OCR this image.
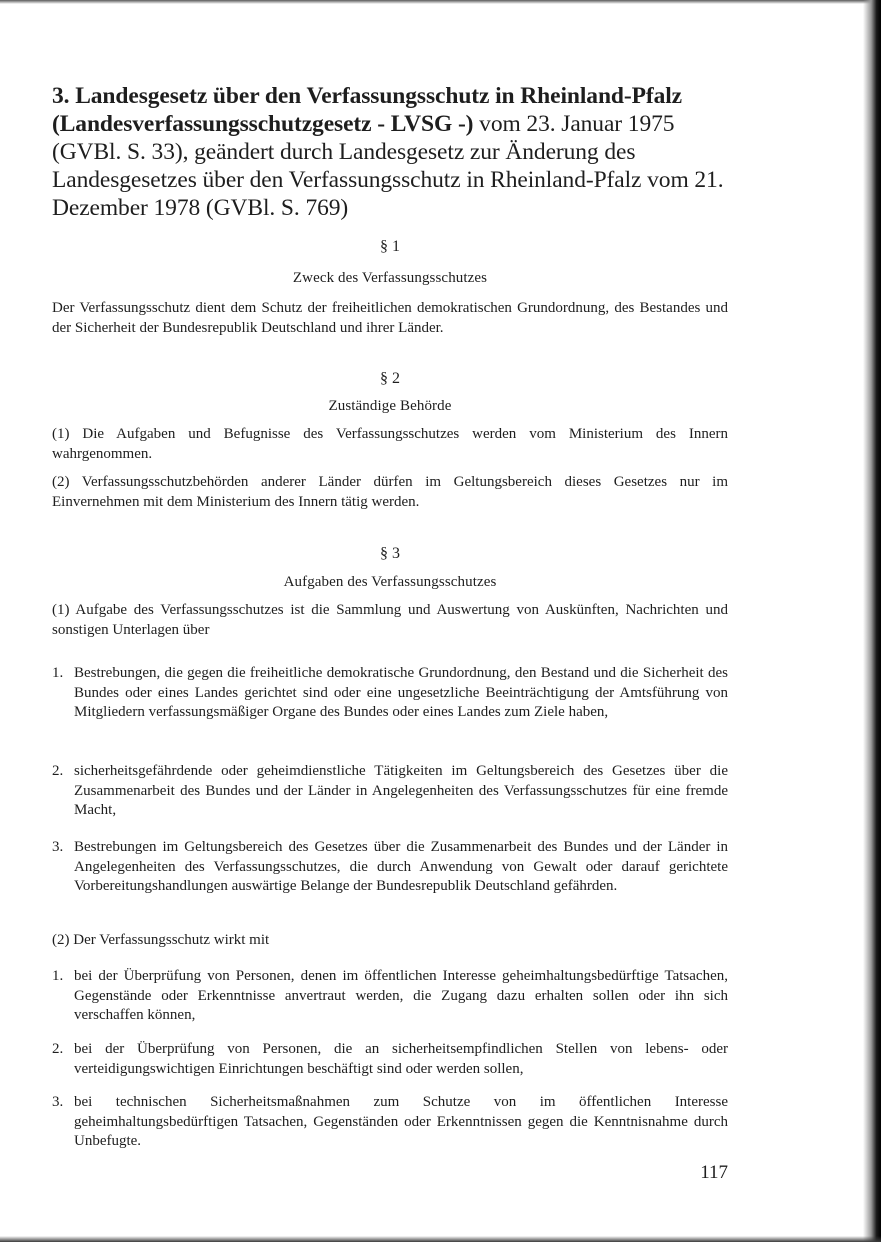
3. Landesgesetz über den Verfassungsschutz in Rheinland-Pfalz (Landesverfassungsschutzgesetz - LVSG -) vom 23. Januar 1975 (GVBl. S. 33), geändert durch Landesgesetz zur Änderung des Landesgesetzes über den Verfassungsschutz in Rheinland-Pfalz vom 21. Dezember 1978 (GVBl. S. 769)

§ 1

Zweck des Verfassungsschutzes

Der Verfassungsschutz dient dem Schutz der freiheitlichen demokratischen Grundordnung, des Bestandes und der Sicherheit der Bundesrepublik Deutschland und ihrer Länder.

§ 2

Zuständige Behörde

(1) Die Aufgaben und Befugnisse des Verfassungsschutzes werden vom Ministerium des Innern wahrgenommen.

(2) Verfassungsschutzbehörden anderer Länder dürfen im Geltungsbereich dieses Gesetzes nur im Einvernehmen mit dem Ministerium des Innern tätig werden.

§ 3

Aufgaben des Verfassungsschutzes

(1) Aufgabe des Verfassungsschutzes ist die Sammlung und Auswertung von Auskünften, Nachrichten und sonstigen Unterlagen über

1. Bestrebungen, die gegen die freiheitliche demokratische Grundordnung, den Bestand und die Sicherheit des Bundes oder eines Landes gerichtet sind oder eine ungesetzliche Beeinträchtigung der Amtsführung von Mitgliedern verfassungsmäßiger Organe des Bundes oder eines Landes zum Ziele haben,
2. sicherheitsgefährdende oder geheimdienstliche Tätigkeiten im Geltungsbereich des Gesetzes über die Zusammenarbeit des Bundes und der Länder in Angelegenheiten des Verfassungsschutzes für eine fremde Macht,
3. Bestrebungen im Geltungsbereich des Gesetzes über die Zusammenarbeit des Bundes und der Länder in Angelegenheiten des Verfassungsschutzes, die durch Anwendung von Gewalt oder darauf gerichtete Vorbereitungshandlungen auswärtige Belange der Bundesrepublik Deutschland gefährden.

(2) Der Verfassungsschutz wirkt mit

1. bei der Überprüfung von Personen, denen im öffentlichen Interesse geheimhaltungsbedürftige Tatsachen, Gegenstände oder Erkenntnisse anvertraut werden, die Zugang dazu erhalten sollen oder ihn sich verschaffen können,
2. bei der Überprüfung von Personen, die an sicherheitsempfindlichen Stellen von lebens- oder verteidigungswichtigen Einrichtungen beschäftigt sind oder werden sollen,
3. bei technischen Sicherheitsmaßnahmen zum Schutze von im öffentlichen Interesse geheimhaltungsbedürftigen Tatsachen, Gegenständen oder Erkenntnissen gegen die Kenntnisnahme durch Unbefugte.

117
